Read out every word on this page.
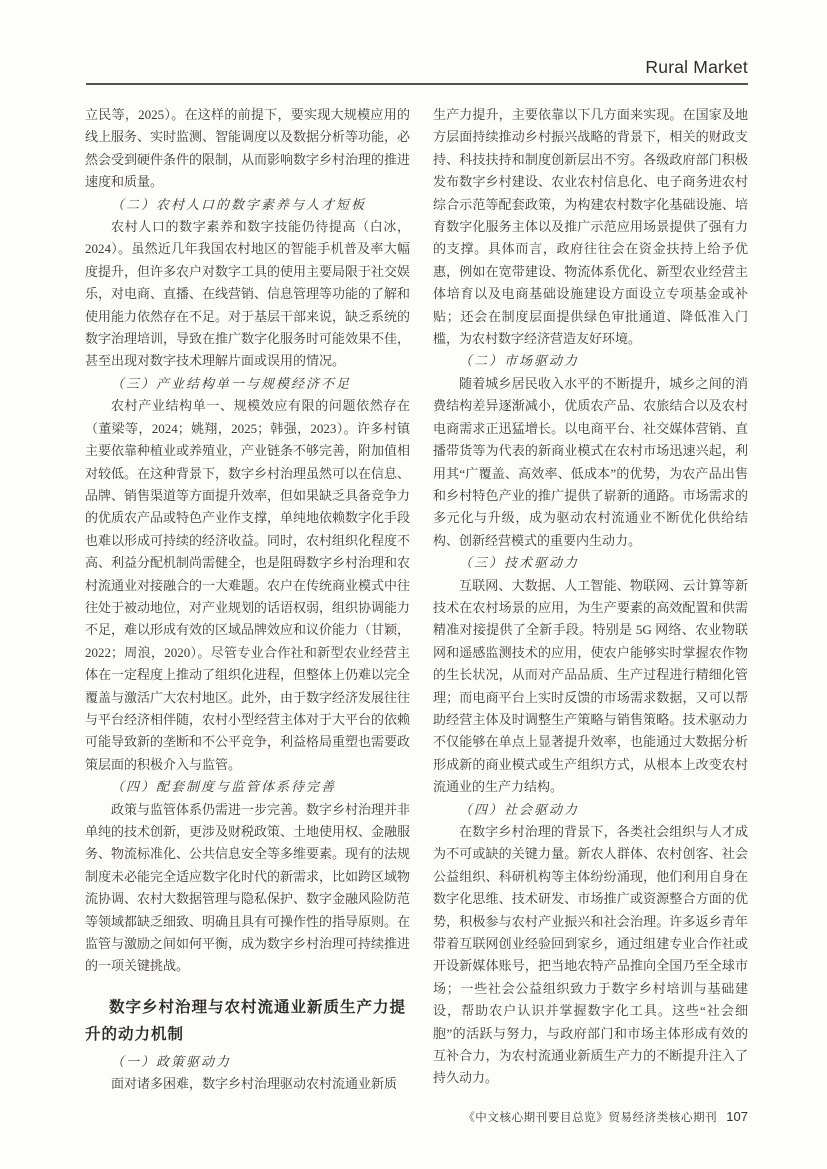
Rural Market

立民等，2025）。在这样的前提下，要实现大规模应用的线上服务、实时监测、智能调度以及数据分析等功能，必然会受到硬件条件的限制，从而影响数字乡村治理的推进速度和质量。

（二）农村人口的数字素养与人才短板

农村人口的数字素养和数字技能仍待提高（白冰，2024）。虽然近几年我国农村地区的智能手机普及率大幅度提升，但许多农户对数字工具的使用主要局限于社交娱乐，对电商、直播、在线营销、信息管理等功能的了解和使用能力依然存在不足。对于基层干部来说，缺乏系统的数字治理培训，导致在推广数字化服务时可能效果不佳，甚至出现对数字技术理解片面或误用的情况。

（三）产业结构单一与规模经济不足

农村产业结构单一、规模效应有限的问题依然存在（董梁等，2024；姚翔，2025；韩强，2023）。许多村镇主要依靠种植业或养殖业，产业链条不够完善，附加值相对较低。在这种背景下，数字乡村治理虽然可以在信息、品牌、销售渠道等方面提升效率，但如果缺乏具备竞争力的优质农产品或特色产业作支撑，单纯地依赖数字化手段也难以形成可持续的经济收益。同时，农村组织化程度不高、利益分配机制尚需健全，也是阻碍数字乡村治理和农村流通业对接融合的一大难题。农户在传统商业模式中往往处于被动地位，对产业规划的话语权弱，组织协调能力不足，难以形成有效的区域品牌效应和议价能力（甘颖，2022；周浪，2020）。尽管专业合作社和新型农业经营主体在一定程度上推动了组织化进程，但整体上仍难以完全覆盖与激活广大农村地区。此外，由于数字经济发展往往与平台经济相伴随，农村小型经营主体对于大平台的依赖可能导致新的垄断和不公平竞争，利益格局重塑也需要政策层面的积极介入与监管。

（四）配套制度与监管体系待完善

政策与监管体系仍需进一步完善。数字乡村治理并非单纯的技术创新，更涉及财税政策、土地使用权、金融服务、物流标准化、公共信息安全等多维要素。现有的法规制度未必能完全适应数字化时代的新需求，比如跨区域物流协调、农村大数据管理与隐私保护、数字金融风险防范等领域都缺乏细致、明确且具有可操作性的指导原则。在监管与激励之间如何平衡，成为数字乡村治理可持续推进的一项关键挑战。

数字乡村治理与农村流通业新质生产力提升的动力机制
（一）政策驱动力

面对诸多困难，数字乡村治理驱动农村流通业新质

生产力提升，主要依靠以下几方面来实现。在国家及地方层面持续推动乡村振兴战略的背景下，相关的财政支持、科技扶持和制度创新层出不穷。各级政府部门积极发布数字乡村建设、农业农村信息化、电子商务进农村综合示范等配套政策，为构建农村数字化基础设施、培育数字化服务主体以及推广示范应用场景提供了强有力的支撑。具体而言，政府往往会在资金扶持上给予优惠，例如在宽带建设、物流体系优化、新型农业经营主体培育以及电商基础设施建设方面设立专项基金或补贴；还会在制度层面提供绿色审批通道、降低准入门槛，为农村数字经济营造友好环境。

（二）市场驱动力

随着城乡居民收入水平的不断提升，城乡之间的消费结构差异逐渐减小，优质农产品、农旅结合以及农村电商需求正迅猛增长。以电商平台、社交媒体营销、直播带货等为代表的新商业模式在农村市场迅速兴起，利用其“广覆盖、高效率、低成本”的优势，为农产品出售和乡村特色产业的推广提供了崭新的通路。市场需求的多元化与升级，成为驱动农村流通业不断优化供给结构、创新经营模式的重要内生动力。

（三）技术驱动力

互联网、大数据、人工智能、物联网、云计算等新技术在农村场景的应用，为生产要素的高效配置和供需精准对接提供了全新手段。特别是 5G 网络、农业物联网和遥感监测技术的应用，使农户能够实时掌握农作物的生长状况，从而对产品品质、生产过程进行精细化管理；而电商平台上实时反馈的市场需求数据，又可以帮助经营主体及时调整生产策略与销售策略。技术驱动力不仅能够在单点上显著提升效率，也能通过大数据分析形成新的商业模式或生产组织方式，从根本上改变农村流通业的生产力结构。

（四）社会驱动力

在数字乡村治理的背景下，各类社会组织与人才成为不可或缺的关键力量。新农人群体、农村创客、社会公益组织、科研机构等主体纷纷涌现，他们利用自身在数字化思维、技术研发、市场推广或资源整合方面的优势，积极参与农村产业振兴和社会治理。许多返乡青年带着互联网创业经验回到家乡，通过组建专业合作社或开设新媒体账号，把当地农特产品推向全国乃至全球市场；一些社会公益组织致力于数字乡村培训与基础建设，帮助农户认识并掌握数字化工具。这些“社会细胞”的活跃与努力，与政府部门和市场主体形成有效的互补合力，为农村流通业新质生产力的不断提升注入了持久动力。

《中文核心期刊要目总览》贸易经济类核心期刊 107
